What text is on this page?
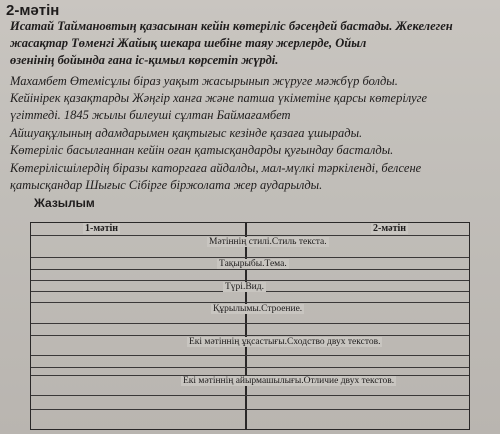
2-мәтін
Исатай Таймановтың қазасынан кейін көтеріліс бәсеңдей бастады. Жекелеген
жасақтар Төменгі Жайық шекара шебіне таяу жерлерде, Ойыл
өзенінің бойында ғана іс-қимыл көрсетіп жүрді.
Махамбет Өтемісұлы біраз уақыт жасырынып жүруге мәжбүр болды.
Кейінірек қазақтарды Жәңгір ханға және патша үкіметіне қарсы көтерілуге
үгіттеді. 1845 жылы билеуші сұлтан Баймағамбет
Айшуақұлының адамдарымен қақтығыс кезінде қазаға ұшырады.
Көтеріліс басылғаннан кейін оған қатысқандарды қуғындау басталды.
Көтерілісшілердің біразы каторгаға айдалды, мал-мүлкі тәркіленді, белсене
қатысқандар Шығыс Сібірге біржолата жер аударылды.
Жазылым
1-мәтін	2-мәтін
Мәтіннің стилі.Стиль текста.
Тақырыбы.Тема.
Түрі.Вид.
Құрылымы.Строение.
Екі мәтіннің ұқсастығы.Сходство двух текстов.
Екі мәтіннің айырмашылығы.Отличие двух текстов.
